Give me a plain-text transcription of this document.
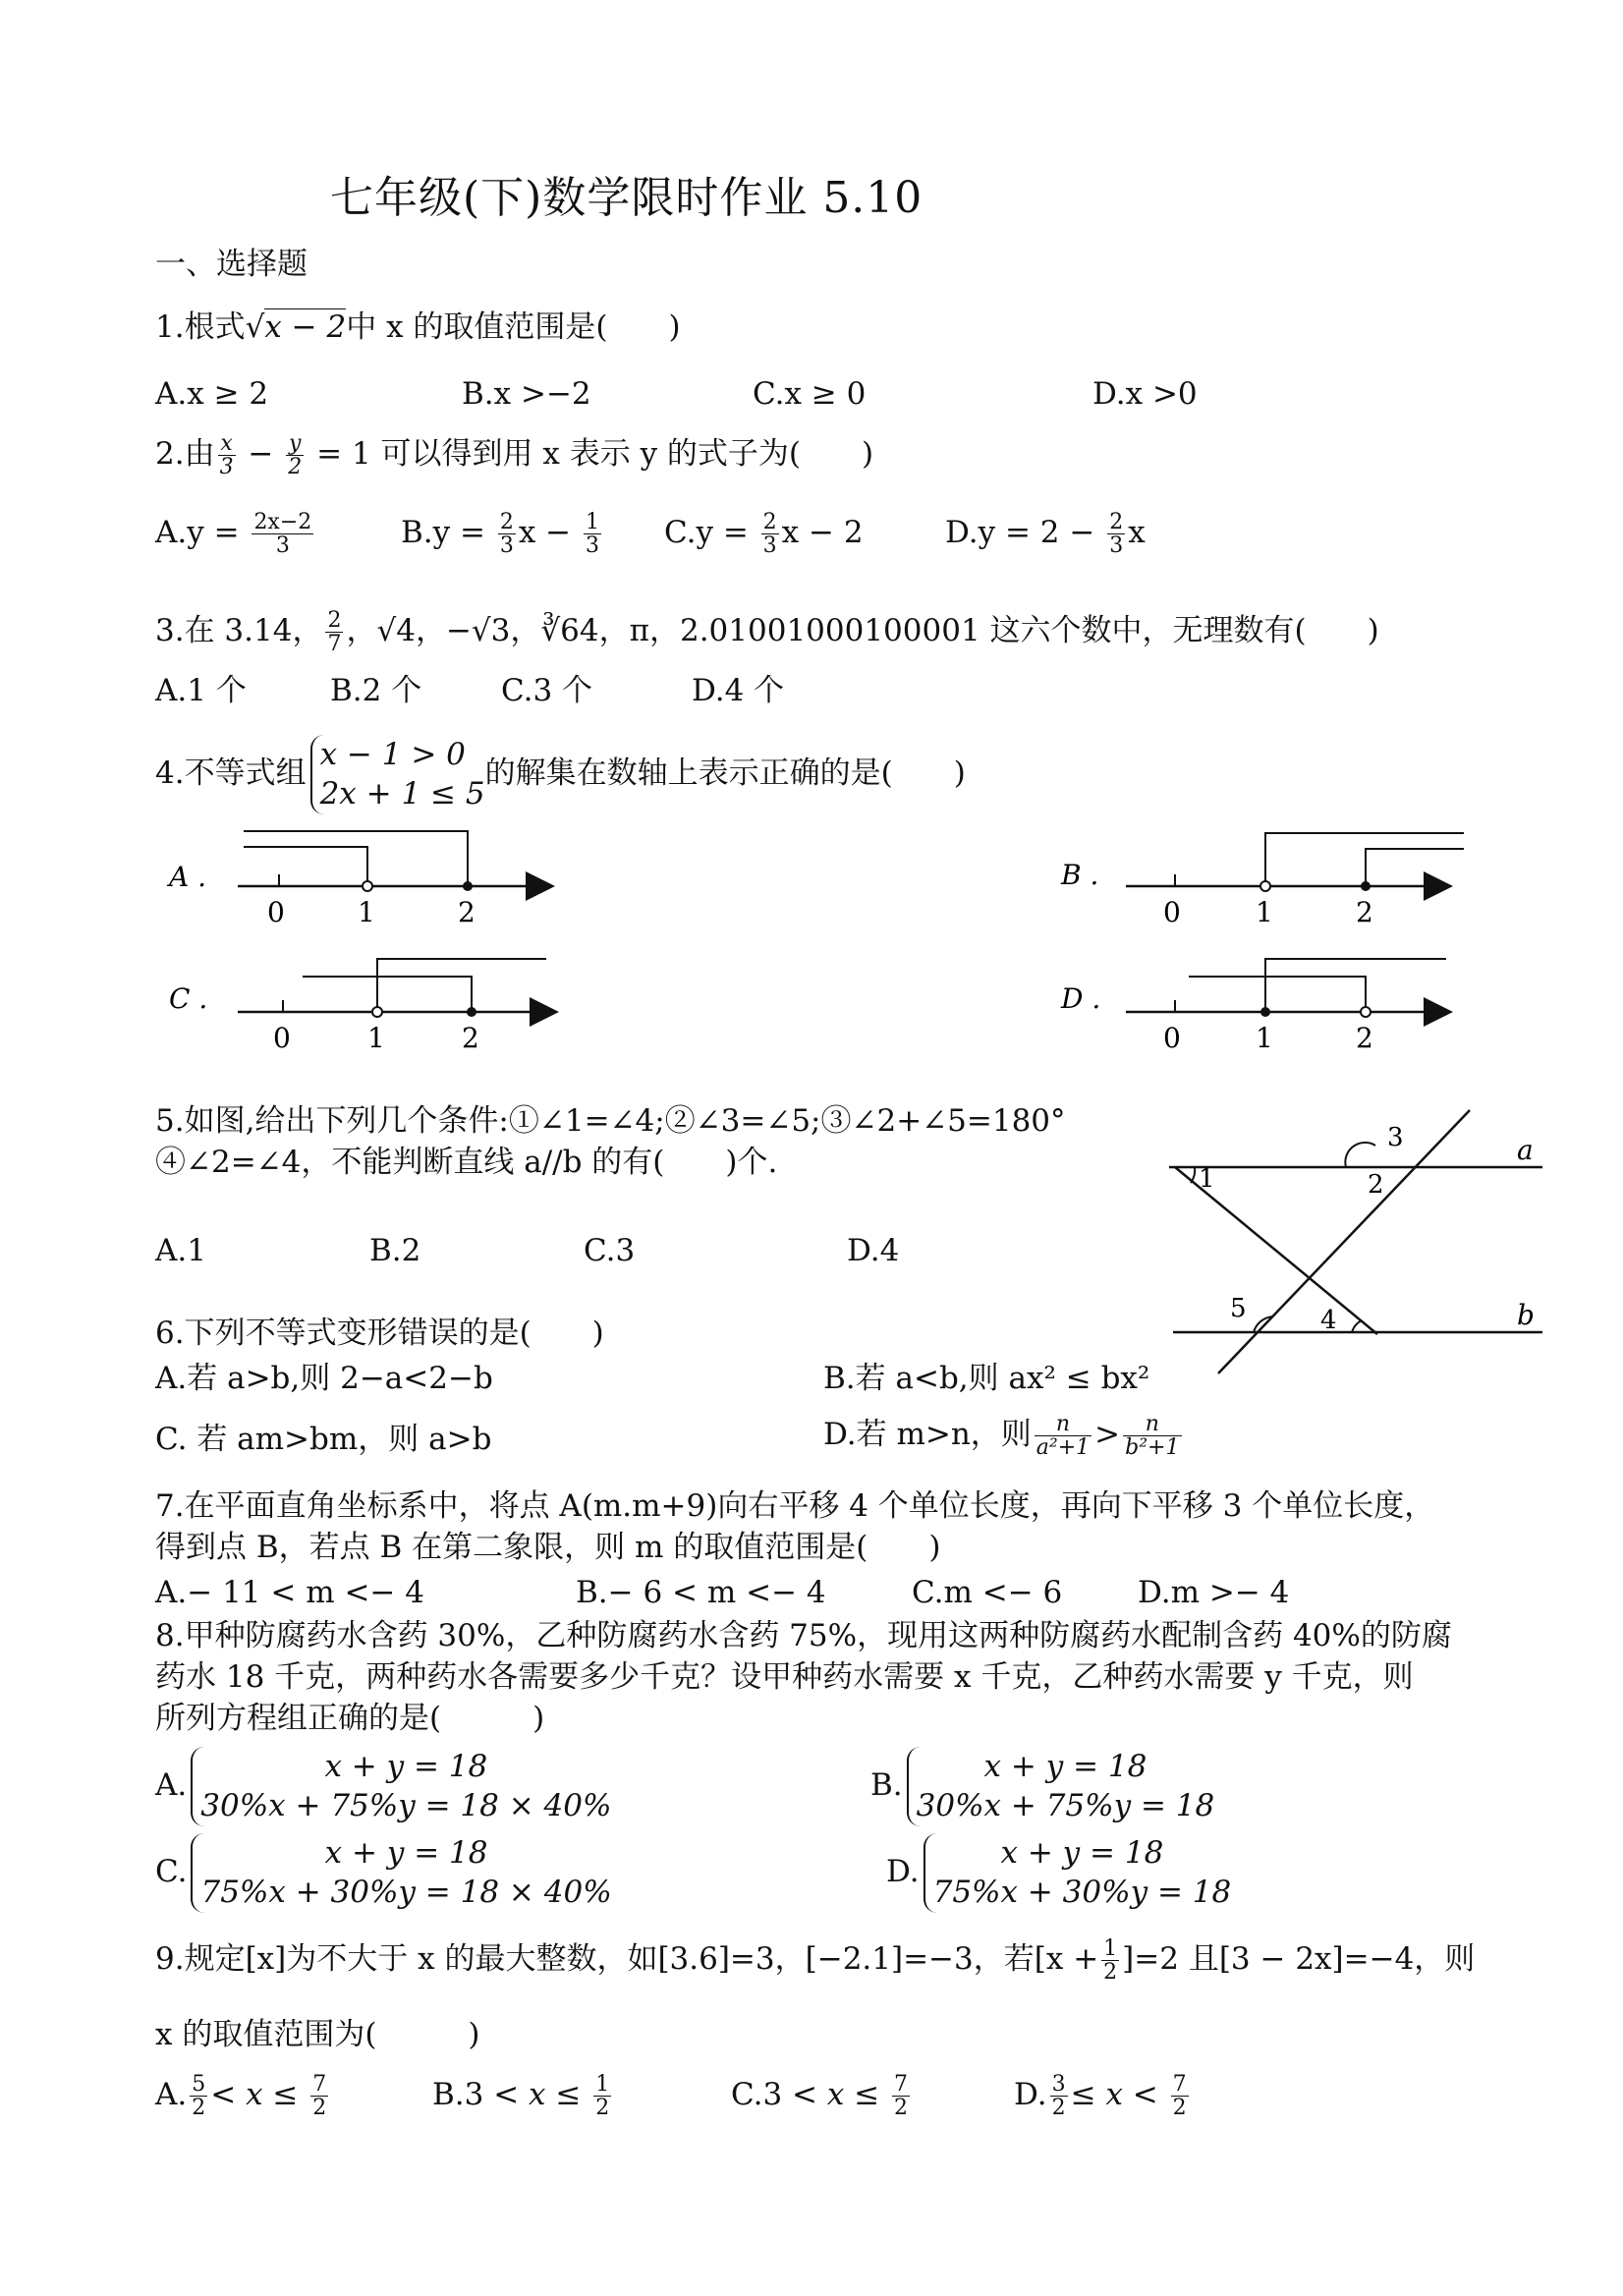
七年级(下)数学限时作业 5.10
一、选择题
1.根式√x − 2中 x 的取值范围是(　　)
A.x ≥ 2	B.x >−2	C.x ≥ 0	D.x >0
2.由 $\frac{x}{3} - \frac{y}{2} = 1$ 可以得到用 x 表示 y 的式子为(　　)
$A.y = \frac{2x-2}{3}$	$B.y = \frac{2}{3}$ $x - \frac{1}{3} C.y = \frac{2}{3}$ x − 2	$D.y = 2 - \frac{2}{3}$ x
3.在 3.14， $\frac{2}{7}$ ，√4，−√3，∛64，π，2.01001000100001 这六个数中，无理数有(　　)
A.1 个	B.2 个	C.3 个	D.4 个
4.不等式组
x − 1 > 0
2x + 1 ≤ 5
的解集在数轴上表示正确的是(　　)
A .
0	1	2
B .
0	1	2
C .
0	1	2
D .
0	1	2
5.如图,给出下列几个条件:①∠1=∠4;②∠3=∠5;③∠2+∠5=180°
④∠2=∠4，不能判断直线 a//b 的有(　　)个.
A.1	B.2	C.3	D.4
1	2
3
4
5
a
b
6.下列不等式变形错误的是(　　)
A.若 a>b,则 2−a<2−b	B.若 a<b,则 ax² ≤ bx²
C. 若 am>bm，则 a>b	D.若 m>n，则 $\frac{n}{\text{a²+1}} > \frac{n}{\text{b²+1}}$
7.在平面直角坐标系中，将点 A(m.m+9)向右平移 4 个单位长度，再向下平移 3 个单位长度，
得到点 B，若点 B 在第二象限，则 m 的取值范围是(　　)
A.− 11 < m <− 4	B.− 6 < m <− 4	C.m <− 6 D.m >− 4
8.甲种防腐药水含药 30%，乙种防腐药水含药 75%，现用这两种防腐药水配制含药 40%的防腐
药水 18 千克，两种药水各需要多少千克？设甲种药水需要 x 千克，乙种药水需要 y 千克，则
所列方程组正确的是(　　　)
A.
x + y = 18
30%x + 75%y = 18 × 40%
B.
x + y = 18
30%x + 75%y = 18
C.
x + y = 18
75%x + 30%y = 18 × 40%
D.
x + y = 18
75%x + 30%y = 18
9.规定[x]为不大于 x 的最大整数，如[3.6]=3，[−2.1]=−3，若$[x + \frac{1}{2} ]=2$ 且[3 − 2x]=−4，则
x 的取值范围为(　　　)
A. $\frac{5}{2} < x \le \frac{7}{2}$	$B.3 < x \le \frac{1}{2}$	$C.3 < x \le \frac{7}{2}$	D. $\frac{3}{2} \le x < \frac{7}{2}$
